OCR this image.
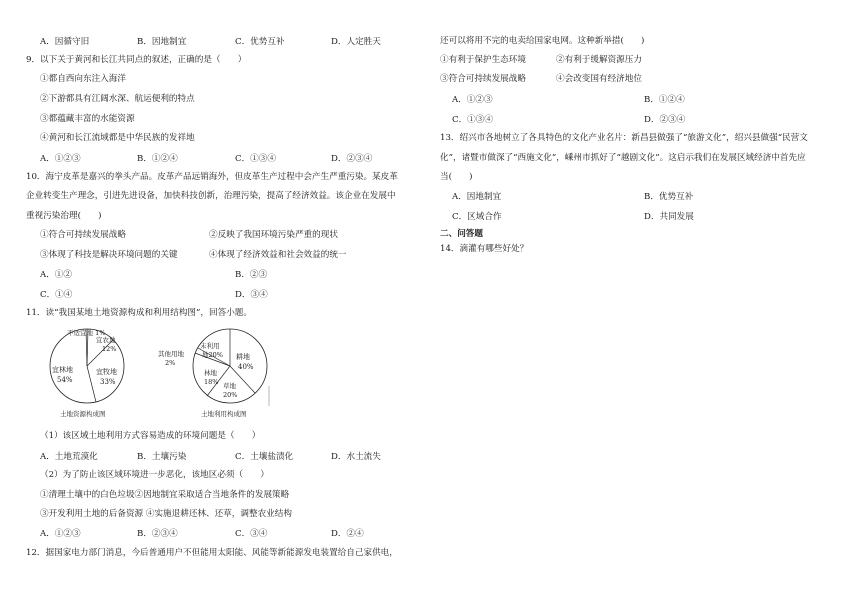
A．因循守旧	B．因地制宜	C．优势互补	D．人定胜天
9．以下关于黄河和长江共同点的叙述，正确的是（　　）
①都自西向东注入海洋
②下游都具有江阔水深、航运便利的特点
③都蕴藏丰富的水能资源
④黄河和长江流域都是中华民族的发祥地
A．①②③	B．①②④	C．①③④	D．②③④
10．海宁皮革是嘉兴的拳头产品。皮革产品远销海外，但皮革生产过程中会产生严重污染。某皮革
企业转变生产理念，引进先进设备，加快科技创新，治理污染，提高了经济效益。该企业在发展中
重视污染治理(　　)
①符合可持续发展战略	②反映了我国环境污染严重的现状
③体现了科技是解决环境问题的关键	④体现了经济效益和社会效益的统一
A．①②	B．②③
C．①④	D．③④
11．读“我国某地土地资源构成和利用结构图”，回答小题。
不适宜地 1%
宜农地
12%
宜林地
54%
宜牧地
33%
土地资源构成图
未利用
地20%
其他用地
2%
耕地
40%
林地
18% 草地
20%
土地利用构成图
（1）该区域土地利用方式容易造成的环境问题是（　　）
A．土地荒漠化	B．土壤污染	C．土壤盐渍化	D．水土流失
（2）为了防止该区域环境进一步恶化，该地区必须（　　）
①清理土壤中的白色垃圾②因地制宜采取适合当地条件的发展策略
③开发利用土地的后备资源 ④实施退耕还林、还草，调整农业结构
A．①②③	B．②③④	C．③④	D．②④
12．据国家电力部门消息，今后普通用户不但能用太阳能、风能等新能源发电装置给自己家供电，
还可以将用不完的电卖给国家电网。这种新举措(　　)
①有利于保护生态环境	②有利于缓解资源压力
③符合可持续发展战略	④会改变国有经济地位
A．①②③	B．①②④
C．①③④	D．②③④
13．绍兴市各地树立了各具特色的文化产业名片：新昌县做强了“旅游文化”，绍兴县做强“民营文
化”，诸暨市做深了“西施文化”，嵊州市抓好了“越剧文化”。这启示我们在发展区域经济中首先应
当(　　)
A．因地制宜	B．优势互补
C．区域合作	D．共同发展
二、问答题
14．滴灌有哪些好处？
